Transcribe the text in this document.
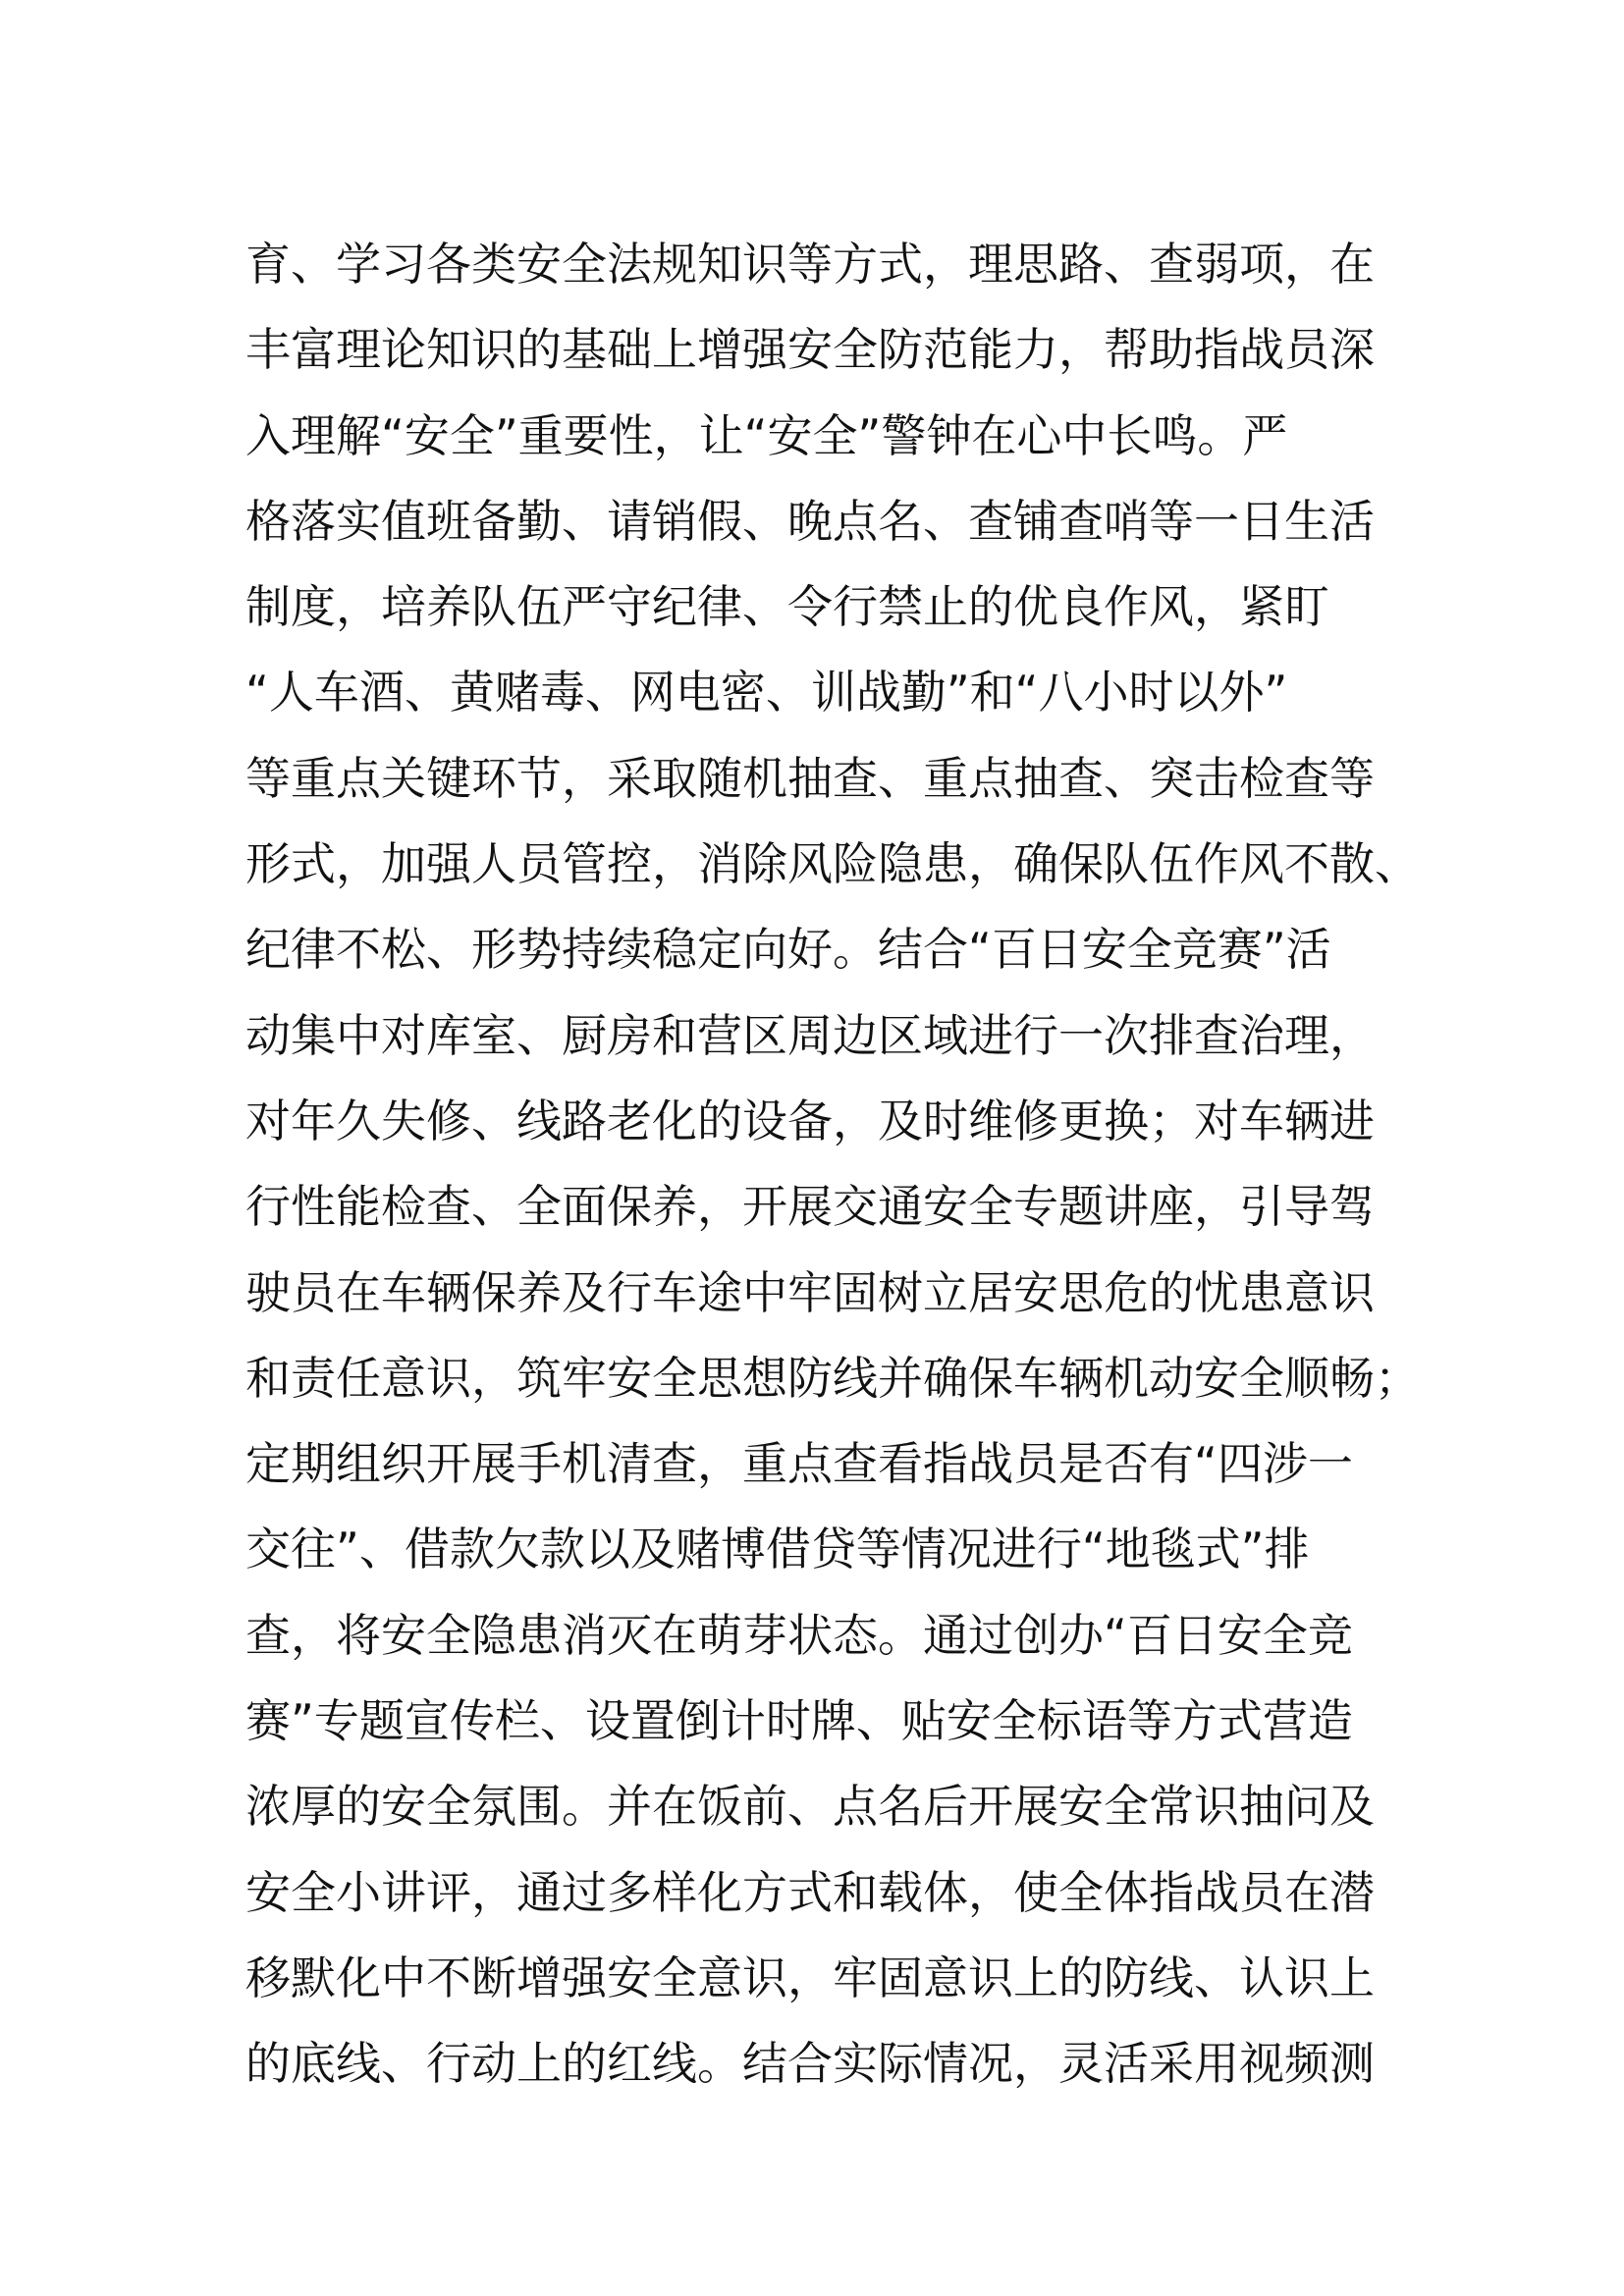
育、学习各类安全法规知识等方式，理思路、查弱项，在
丰富理论知识的基础上增强安全防范能力，帮助指战员深
入理解“安全”重要性，让“安全”警钟在心中长鸣。严
格落实值班备勤、请销假、晚点名、查铺查哨等一日生活
制度，培养队伍严守纪律、令行禁止的优良作风，紧盯
“人车酒、黄赌毒、网电密、训战勤”和“八小时以外”
等重点关键环节，采取随机抽查、重点抽查、突击检查等
形式，加强人员管控，消除风险隐患，确保队伍作风不散、
纪律不松、形势持续稳定向好。结合“百日安全竞赛”活
动集中对库室、厨房和营区周边区域进行一次排查治理，
对年久失修、线路老化的设备，及时维修更换；对车辆进
行性能检查、全面保养，开展交通安全专题讲座，引导驾
驶员在车辆保养及行车途中牢固树立居安思危的忧患意识
和责任意识，筑牢安全思想防线并确保车辆机动安全顺畅；
定期组织开展手机清查，重点查看指战员是否有“四涉一
交往”、借款欠款以及赌博借贷等情况进行“地毯式”排
查，将安全隐患消灭在萌芽状态。通过创办“百日安全竞
赛”专题宣传栏、设置倒计时牌、贴安全标语等方式营造
浓厚的安全氛围。并在饭前、点名后开展安全常识抽问及
安全小讲评，通过多样化方式和载体，使全体指战员在潜
移默化中不断增强安全意识，牢固意识上的防线、认识上
的底线、行动上的红线。结合实际情况，灵活采用视频测
